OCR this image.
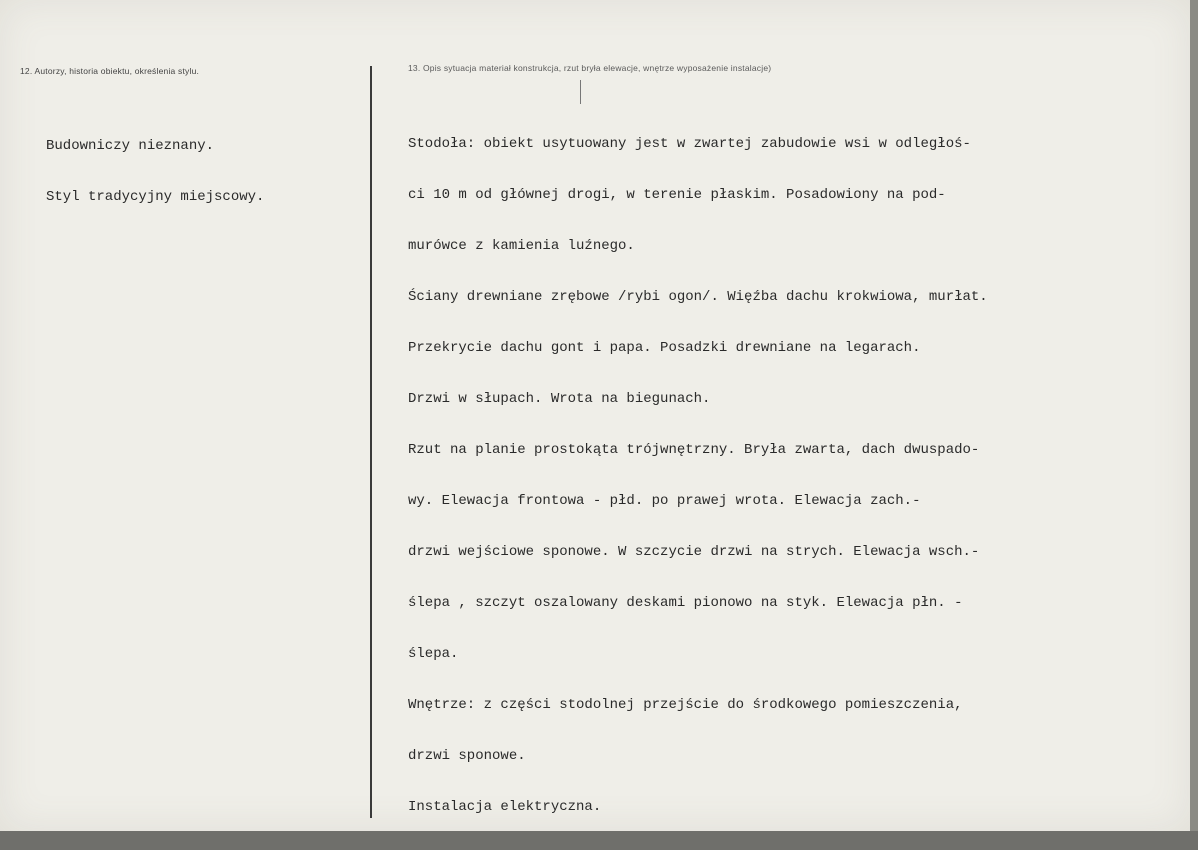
12. Autorzy, historia obiektu, określenia stylu.	13. Opis sytuacja materiał konstrukcja, rzut bryła elewacje, wnętrze wyposażenie instalacje)

Budowniczy nieznany.

Styl tradycyjny miejscowy.

Stodoła: obiekt usytuowany jest w zwartej zabudowie wsi w odległoś-

ci 10 m od głównej drogi, w terenie płaskim. Posadowiony na pod-

murówce z kamienia luźnego.

Ściany drewniane zrębowe /rybi ogon/. Więźba dachu krokwiowa, murłat.

Przekrycie dachu gont i papa. Posadzki drewniane na legarach.

Drzwi w słupach. Wrota na biegunach.

Rzut na planie prostokąta trójwnętrzny. Bryła zwarta, dach dwuspado-

wy. Elewacja frontowa - płd. po prawej wrota. Elewacja zach.-

drzwi wejściowe sponowe. W szczycie drzwi na strych. Elewacja wsch.-

ślepa , szczyt oszalowany deskami pionowo na styk. Elewacja płn. -

ślepa.

Wnętrze: z części stodolnej przejście do środkowego pomieszczenia,

drzwi sponowe.

Instalacja elektryczna.
